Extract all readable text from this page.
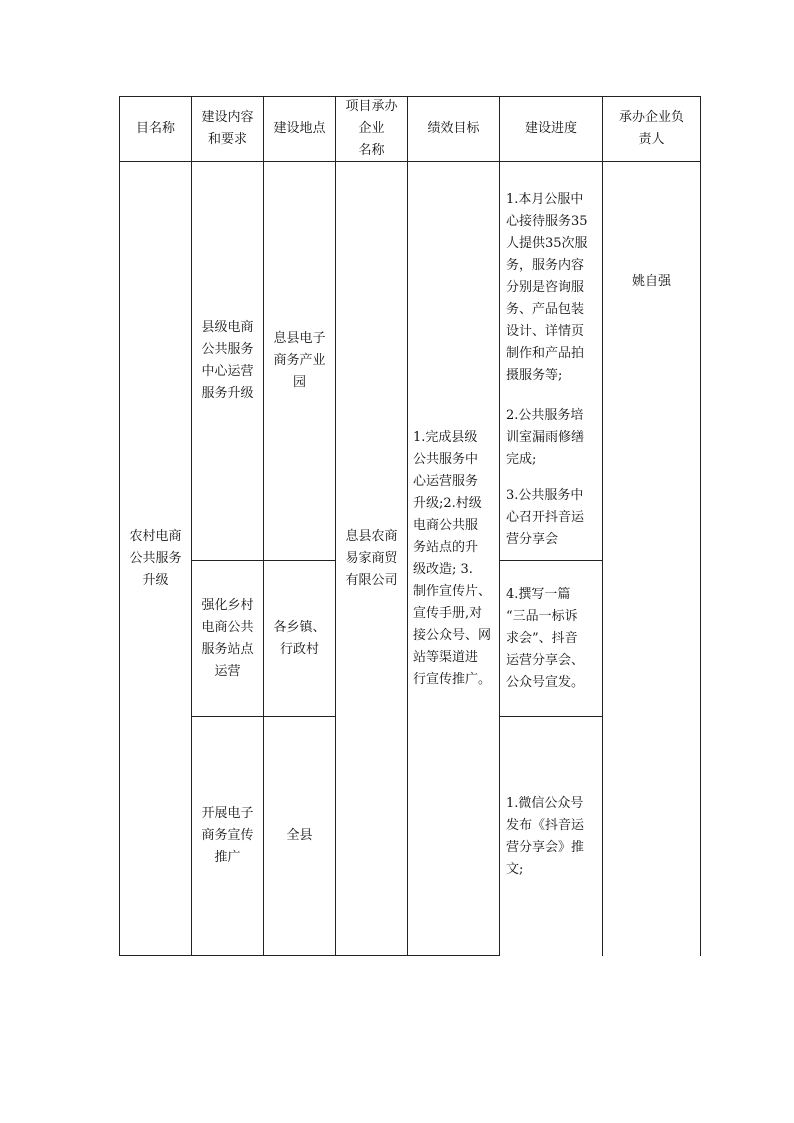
目名称
建设内容
和要求
建设地点
项目承办
企业
名称
绩效目标	建设进度
承办企业负
责人
农村电商
公共服务
升级
县级电商
公共服务
中心运营
服务升级
息县电子
商务产业
园
强化乡村
电商公共
服务站点
运营
各乡镇、
行政村
开展电子
商务宣传
推广
全县
息县农商
易家商贸
有限公司
1.完成县级
公共服务中
心运营服务
升级;2.村级
电商公共服
务站点的升
级改造; 3.
制作宣传片、
宣传手册,对
接公众号、网
站等渠道进
行宣传推广。
1.本月公服中
心接待服务35
人提供35次服
务，服务内容
分别是咨询服
务、产品包装
设计、详情页
制作和产品拍
摄服务等;
2.公共服务培
训室漏雨修缮
完成;
3.公共服务中
心召开抖音运
营分享会
4.撰写一篇
“三品一标诉
求会”、抖音
运营分享会、
公众号宣发。
1.微信公众号
发布《抖音运
营分享会》推
文;
姚自强
